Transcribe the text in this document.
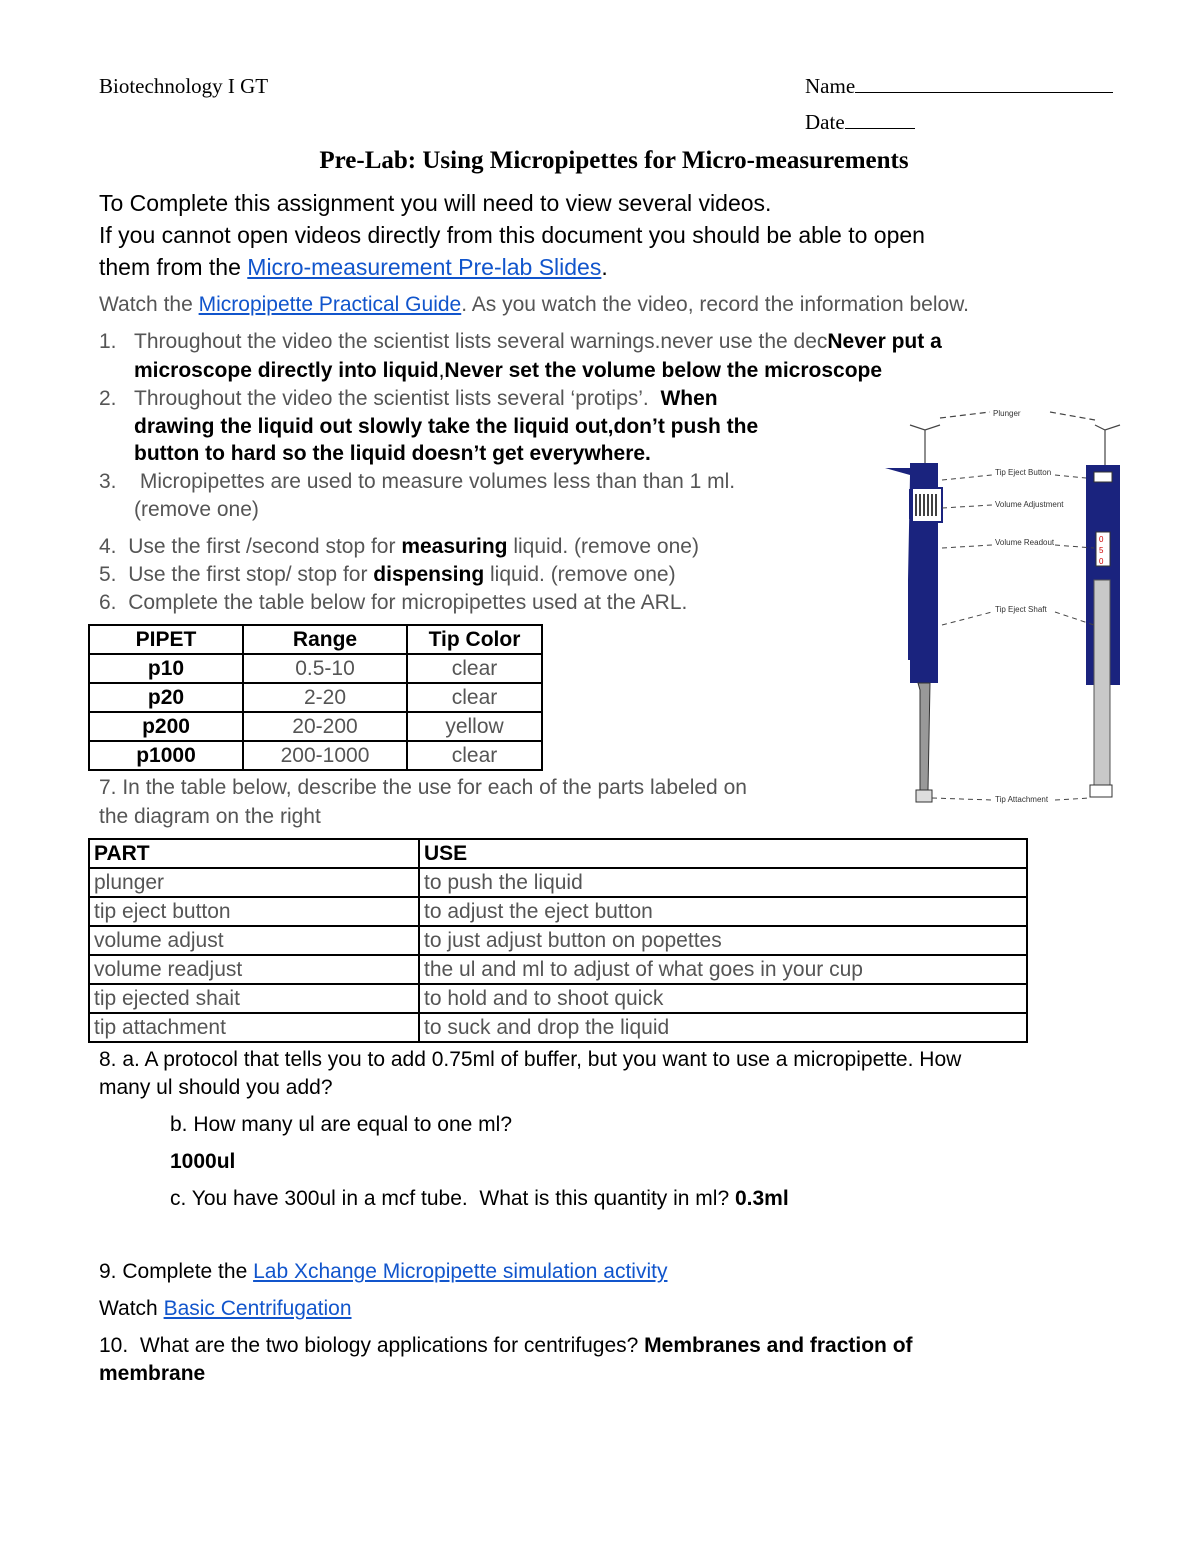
Biotechnology I GT	Name
Date
Pre-Lab: Using Micropipettes for Micro-measurements
To Complete this assignment you will need to view several videos.
If you cannot open videos directly from this document you should be able to open
them from the Micro-measurement Pre-lab Slides.
Watch the Micropipette Practical Guide. As you watch the video, record the information below.
1. Throughout the video the scientist lists several warnings.never use the decNever put a
microscope directly into liquid,Never set the volume below the microscope
2. Throughout the video the scientist lists several ‘protips’.  When
drawing the liquid out slowly take the liquid out,don’t push the
button to hard so the liquid doesn’t get everywhere.
3. Micropipettes are used to measure volumes less than than 1 ml.
(remove one)
4. Use the first /second stop for measuring liquid. (remove one)
5. Use the first stop/ stop for dispensing liquid. (remove one)
6. Complete the table below for micropipettes used at the ARL.
PIPET	Range	Tip Color
p10	0.5-10	clear
p20	2-20	clear
p200	20-200	yellow
p1000	200-1000	clear
7. In the table below, describe the use for each of the parts labeled on
the diagram on the right
Plunger
0
5
0
Tip Eject Button
Volume Adjustment
Volume Readout
Tip Eject Shaft
Tip Attachment
PART	USE
plunger	to push the liquid
tip eject button	to adjust the eject button
volume adjust	to just adjust button on popettes
volume readjust	the ul and ml to adjust of what goes in your cup
tip ejected shait	to hold and to shoot quick
tip attachment	to suck and drop the liquid
8. a. A protocol that tells you to add 0.75ml of buffer, but you want to use a micropipette. How
many ul should you add?
b. How many ul are equal to one ml?
1000ul
c. You have 300ul in a mcf tube.  What is this quantity in ml? 0.3ml
9. Complete the Lab Xchange Micropipette simulation activity
Watch Basic Centrifugation
10.  What are the two biology applications for centrifuges? Membranes and fraction of
membrane
